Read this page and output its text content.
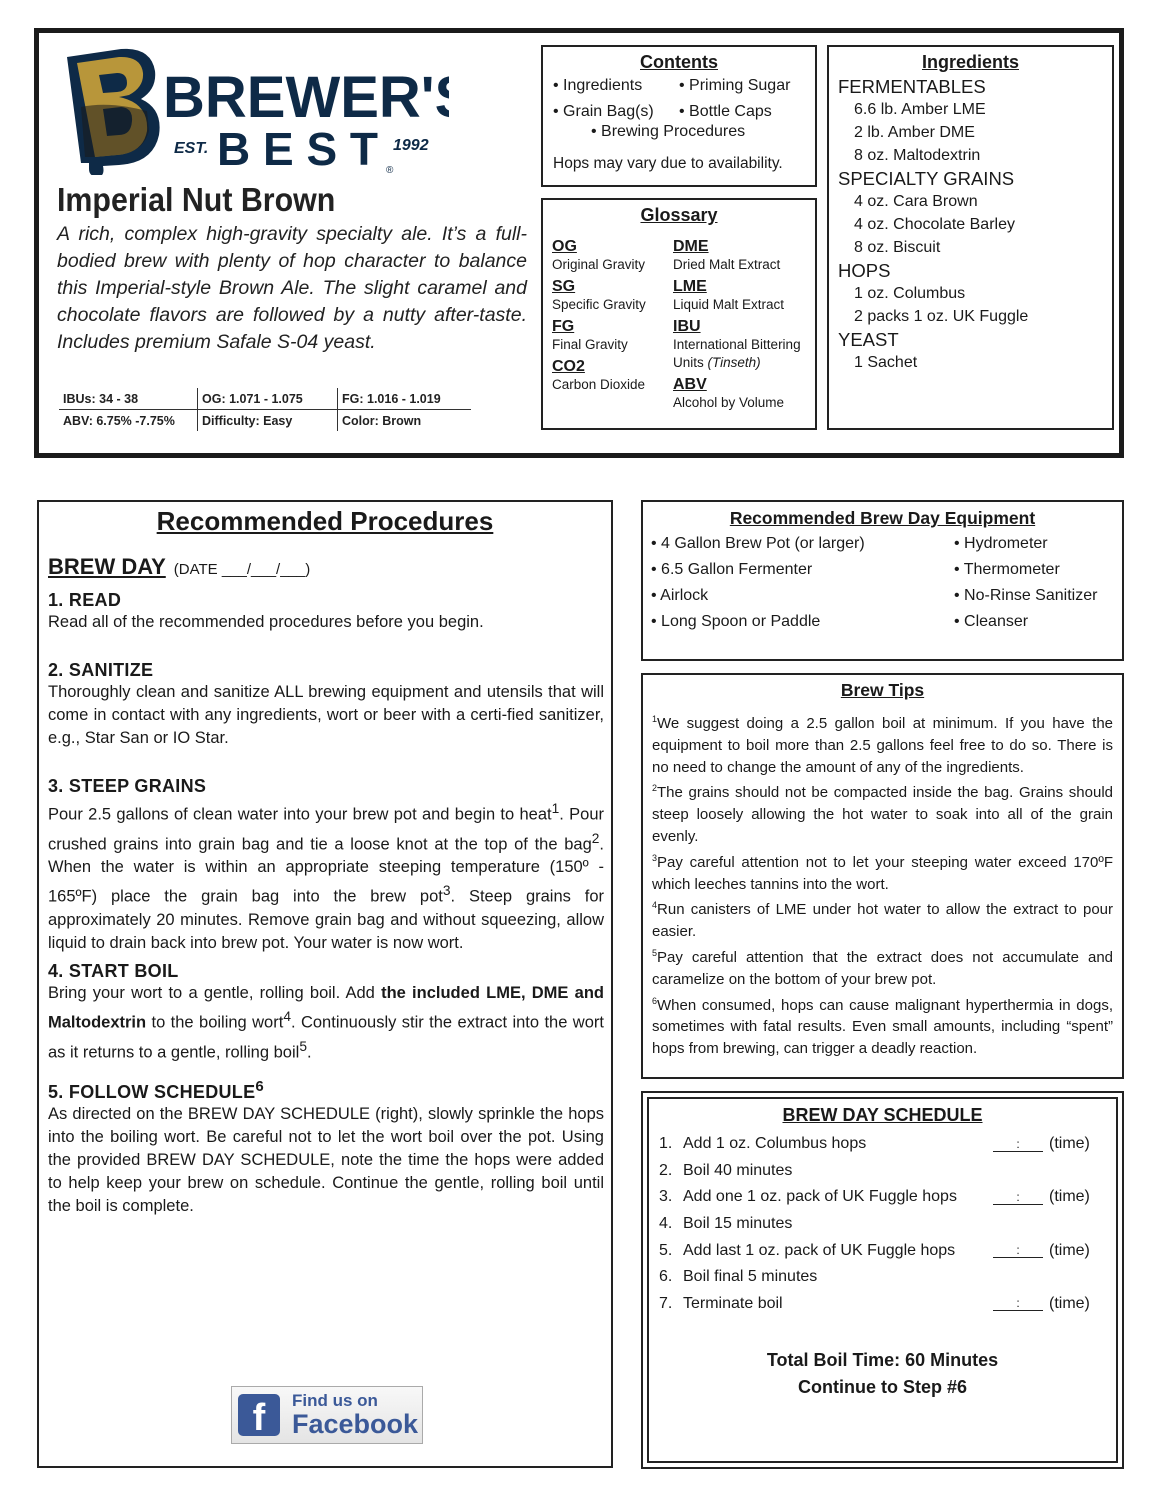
BREWER'S
EST. B E S T 1992
®
Imperial Nut Brown
A rich, complex high-gravity specialty ale. It’s a full-bodied brew with plenty of hop character to balance this Imperial-style Brown Ale. The slight caramel and chocolate flavors are followed by a nutty after-taste. Includes premium Safale S-04 yeast.
IBUs: 34 - 38	OG: 1.071 - 1.075	FG: 1.016 - 1.019
ABV: 6.75% -7.75%	Difficulty: Easy	Color: Brown
Contents
• Ingredients	• Priming Sugar
• Grain Bag(s)	• Bottle Caps
• Brewing Procedures
Hops may vary due to availability.
Glossary
OG
Original Gravity
SG
Specific Gravity
FG
Final Gravity
CO2
Carbon Dioxide
DME
Dried Malt Extract
LME
Liquid Malt Extract
IBU
International Bittering
Units (Tinseth)
ABV
Alcohol by Volume
Ingredients
FERMENTABLES
6.6 lb. Amber LME
2 lb. Amber DME
8 oz. Maltodextrin
SPECIALTY GRAINS
4 oz. Cara Brown
4 oz. Chocolate Barley
8 oz. Biscuit
HOPS
1 oz. Columbus
2 packs 1 oz. UK Fuggle
YEAST
1 Sachet
Recommended Procedures
BREW DAY (DATE ___/___/___)
1. READ
Read all of the recommended procedures before you begin.
2. SANITIZE
Thoroughly clean and sanitize ALL brewing equipment and utensils that will come in contact with any ingredients, wort or beer with a certi-fied sanitizer, e.g., Star San or IO Star.
3. STEEP GRAINS
Pour 2.5 gallons of clean water into your brew pot and begin to heat$^1$. Pour crushed grains into grain bag and tie a loose knot at the top of the bag$^2$. When the water is within an appropriate steeping temperature (150º - 165ºF) place the grain bag into the brew pot$^3$. Steep grains for approximately 20 minutes. Remove grain bag and without squeezing, allow liquid to drain back into brew pot. Your water is now wort.
4. START BOIL
Bring your wort to a gentle, rolling boil. Add the included LME, DME and Maltodextrin to the boiling wort$^4$. Continuously stir the extract into the wort as it returns to a gentle, rolling boil$^5$.
5. FOLLOW SCHEDULE$^6$
As directed on the BREW DAY SCHEDULE (right), slowly sprinkle the hops into the boiling wort. Be careful not to let the wort boil over the pot. Using the provided BREW DAY SCHEDULE, note the time the hops were added to help keep your brew on schedule. Continue the gentle, rolling boil until the boil is complete.
f	Find us on
Facebook
Recommended Brew Day Equipment
• 4 Gallon Brew Pot (or larger)	• Hydrometer
• 6.5 Gallon Fermenter	• Thermometer
• Airlock	• No-Rinse Sanitizer
• Long Spoon or Paddle	• Cleanser
Brew Tips
$^1$We suggest doing a 2.5 gallon boil at minimum. If you have the equipment to boil more than 2.5 gallons feel free to do so. There is no need to change the amount of any of the ingredients.
$^2$The grains should not be compacted inside the bag. Grains should steep loosely allowing the hot water to soak into all of the grain evenly.
$^3$Pay careful attention not to let your steeping water exceed 170ºF which leeches tannins into the wort.
$^4$Run canisters of LME under hot water to allow the extract to pour easier.
$^5$Pay careful attention that the extract does not accumulate and caramelize on the bottom of your brew pot.
$^6$When consumed, hops can cause malignant hyperthermia in dogs, sometimes with fatal results. Even small amounts, including “spent” hops from brewing, can trigger a deadly reaction.
BREW DAY SCHEDULE
1. Add 1 oz. Columbus hops	:	(time)
2. Boil 40 minutes
3. Add one 1 oz. pack of UK Fuggle hops	:	(time)
4. Boil 15 minutes
5. Add last 1 oz. pack of UK Fuggle hops	:	(time)
6. Boil final 5 minutes
7. Terminate boil	:	(time)
Total Boil Time: 60 Minutes
Continue to Step #6
